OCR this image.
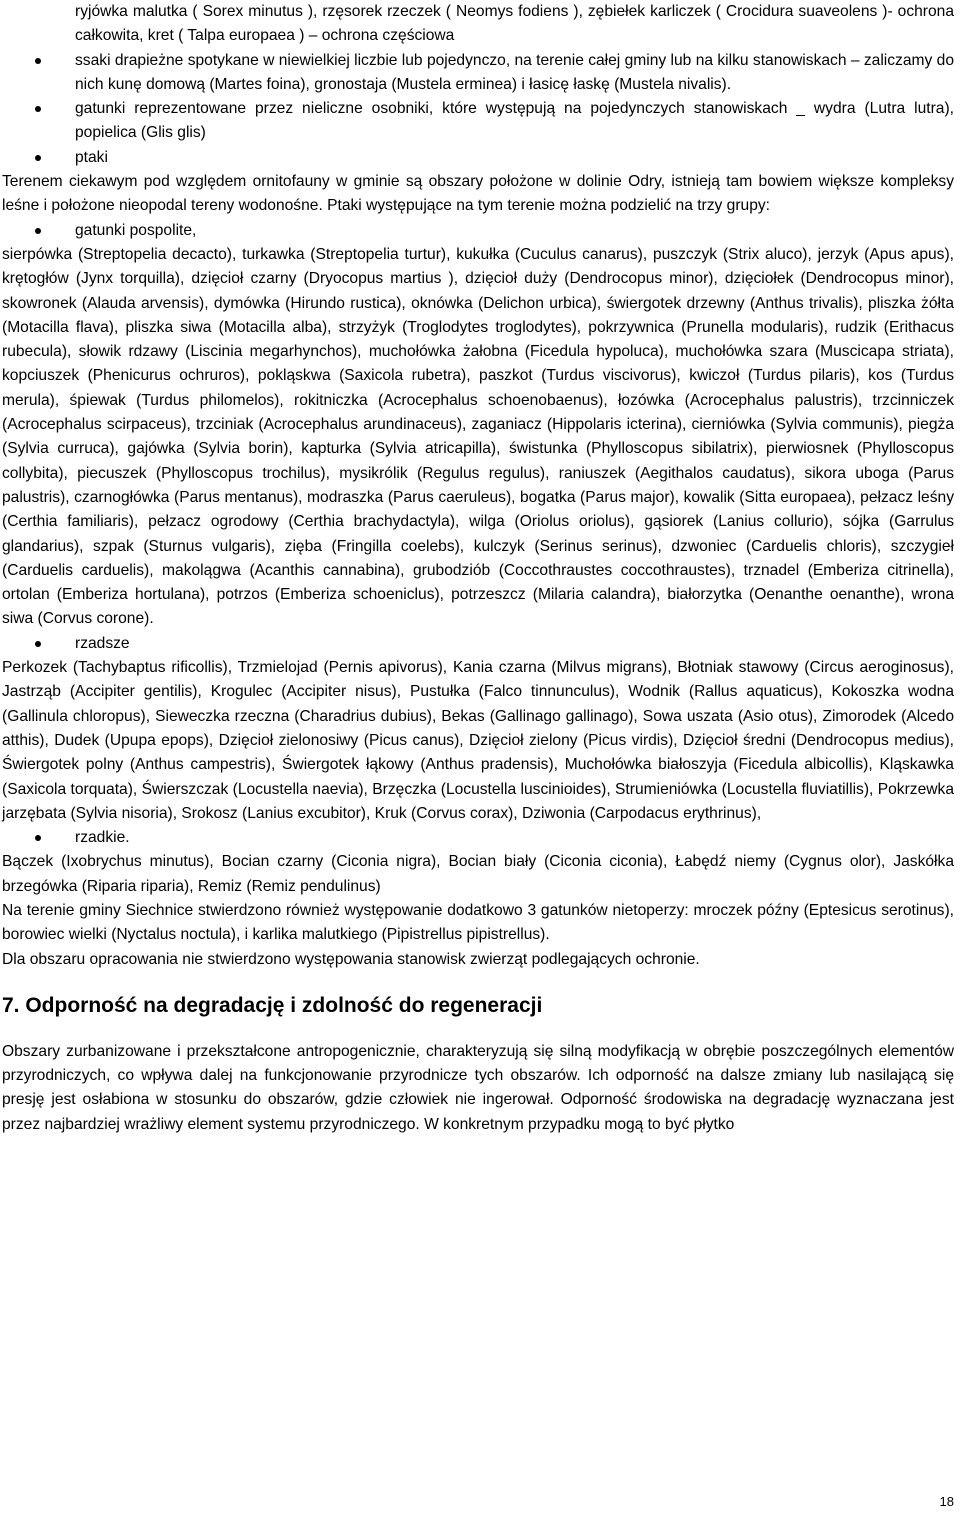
ryjówka malutka ( Sorex minutus ), rzęsorek rzeczek ( Neomys fodiens ), zębiełek karliczek ( Crocidura suaveolens )- ochrona całkowita, kret ( Talpa europaea ) – ochrona częściowa

ssaki drapieżne spotykane w niewielkiej liczbie lub pojedynczo, na terenie całej gminy lub na kilku stanowiskach – zaliczamy do nich kunę domową (Martes foina), gronostaja (Mustela erminea) i łasicę łaskę (Mustela nivalis).
gatunki reprezentowane przez nieliczne osobniki, które występują na pojedynczych stanowiskach _ wydra (Lutra lutra), popielica (Glis glis)
ptaki

Terenem ciekawym pod względem ornitofauny w gminie są obszary położone w dolinie Odry, istnieją tam bowiem większe kompleksy leśne i położone nieopodal tereny wodonośne. Ptaki występujące na tym terenie można podzielić na trzy grupy:

gatunki pospolite,

sierpówka (Streptopelia decacto), turkawka (Streptopelia turtur), kukułka (Cuculus canarus), puszczyk (Strix aluco), jerzyk (Apus apus), krętogłów (Jynx torquilla), dzięcioł czarny (Dryocopus martius ), dzięcioł duży (Dendrocopus minor), dzięciołek (Dendrocopus minor), skowronek (Alauda arvensis), dymówka (Hirundo rustica), oknówka (Delichon urbica), świergotek drzewny (Anthus trivalis), pliszka żółta (Motacilla flava), pliszka siwa (Motacilla alba), strzyżyk (Troglodytes troglodytes), pokrzywnica (Prunella modularis), rudzik (Erithacus rubecula), słowik rdzawy (Liscinia megarhynchos), muchołówka żałobna (Ficedula hypoluca), muchołówka szara (Muscicapa striata), kopciuszek (Phenicurus ochruros), pokląskwa (Saxicola rubetra), paszkot (Turdus viscivorus), kwiczoł (Turdus pilaris), kos (Turdus merula), śpiewak (Turdus philomelos), rokitniczka (Acrocephalus schoenobaenus), łozówka (Acrocephalus palustris), trzcinniczek (Acrocephalus scirpaceus), trzciniak (Acrocephalus arundinaceus), zaganiacz (Hippolaris icterina), cierniówka (Sylvia communis), piegża (Sylvia curruca), gajówka (Sylvia borin), kapturka (Sylvia atricapilla), świstunka (Phylloscopus sibilatrix), pierwiosnek (Phylloscopus collybita), piecuszek (Phylloscopus trochilus), mysikrólik (Regulus regulus), raniuszek (Aegithalos caudatus), sikora uboga (Parus palustris), czarnogłówka (Parus mentanus), modraszka (Parus caeruleus), bogatka (Parus major), kowalik (Sitta europaea), pełzacz leśny (Certhia familiaris), pełzacz ogrodowy (Certhia brachydactyla), wilga (Oriolus oriolus), gąsiorek (Lanius collurio), sójka (Garrulus glandarius), szpak (Sturnus vulgaris), zięba (Fringilla coelebs), kulczyk (Serinus serinus), dzwoniec (Carduelis chloris), szczygieł (Carduelis carduelis), makolągwa (Acanthis cannabina), grubodziób (Coccothraustes coccothraustes), trznadel (Emberiza citrinella), ortolan (Emberiza hortulana), potrzos (Emberiza schoeniclus), potrzeszcz (Milaria calandra), białorzytka (Oenanthe oenanthe), wrona siwa (Corvus corone).

rzadsze

Perkozek (Tachybaptus rificollis), Trzmielojad (Pernis apivorus), Kania czarna (Milvus migrans), Błotniak stawowy (Circus aeroginosus), Jastrząb (Accipiter gentilis), Krogulec (Accipiter nisus), Pustułka (Falco tinnunculus), Wodnik (Rallus aquaticus), Kokoszka wodna (Gallinula chloropus), Sieweczka rzeczna (Charadrius dubius), Bekas (Gallinago gallinago), Sowa uszata (Asio otus), Zimorodek (Alcedo atthis), Dudek (Upupa epops), Dzięcioł zielonosiwy (Picus canus), Dzięcioł zielony (Picus virdis), Dzięcioł średni (Dendrocopus medius), Świergotek polny (Anthus campestris), Świergotek łąkowy (Anthus pradensis), Muchołówka białoszyja (Ficedula albicollis), Kląskawka (Saxicola torquata), Świerszczak (Locustella naevia), Brzęczka (Locustella luscinioides), Strumieniówka (Locustella fluviatillis), Pokrzewka jarzębata (Sylvia nisoria), Srokosz (Lanius excubitor), Kruk (Corvus corax), Dziwonia (Carpodacus erythrinus),

rzadkie.

Bączek (Ixobrychus minutus), Bocian czarny (Ciconia nigra), Bocian biały (Ciconia ciconia), Łabędź niemy (Cygnus olor), Jaskółka brzegówka (Riparia riparia), Remiz (Remiz pendulinus)

Na terenie gminy Siechnice stwierdzono również występowanie dodatkowo 3 gatunków nietoperzy: mroczek późny (Eptesicus serotinus), borowiec wielki (Nyctalus noctula), i karlika malutkiego (Pipistrellus pipistrellus).

Dla obszaru opracowania nie stwierdzono występowania stanowisk zwierząt podlegających ochronie.

7. Odporność na degradację i zdolność do regeneracji

Obszary zurbanizowane i przekształcone antropogenicznie, charakteryzują się silną modyfikacją w obrębie poszczególnych elementów przyrodniczych, co wpływa dalej na funkcjonowanie przyrodnicze tych obszarów. Ich odporność na dalsze zmiany lub nasilającą się presję jest osłabiona w stosunku do obszarów, gdzie człowiek nie ingerował. Odporność środowiska na degradację wyznaczana jest przez najbardziej wrażliwy element systemu przyrodniczego. W konkretnym przypadku mogą to być płytko

18
